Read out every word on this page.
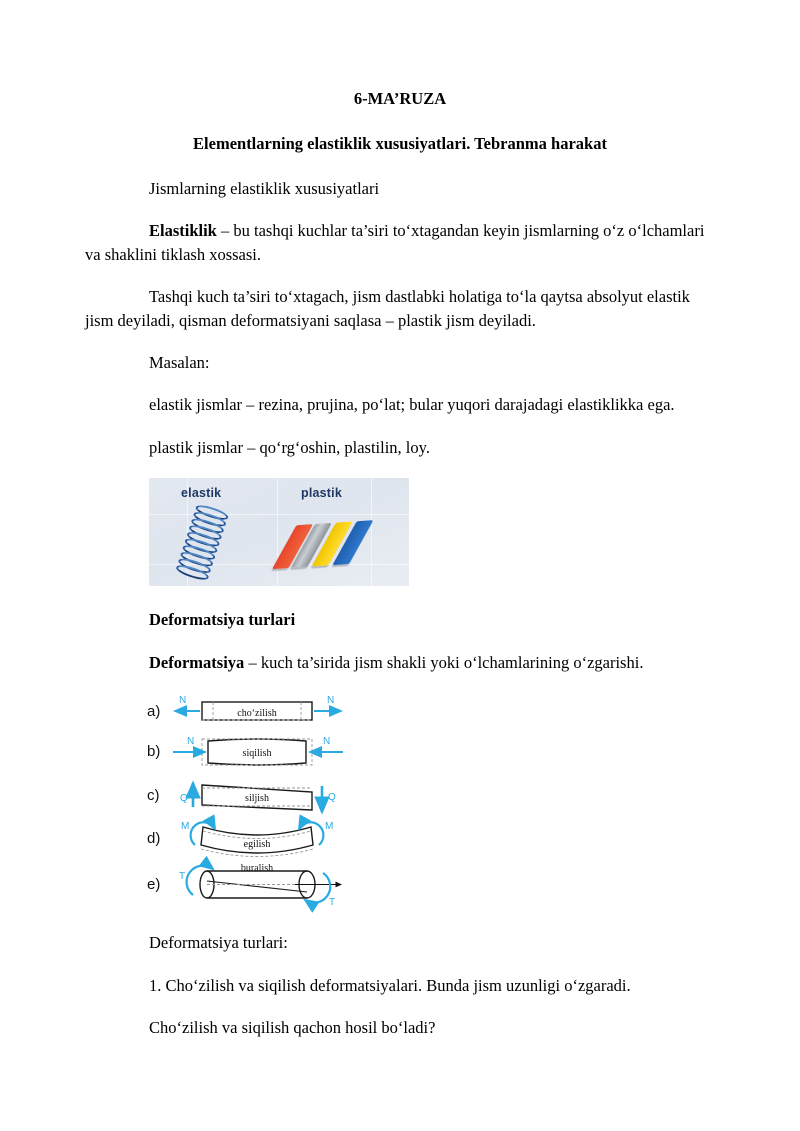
6-MA’RUZA
Elementlarning elastiklik xususiyatlari. Tebranma harakat

Jismlarning elastiklik xususiyatlari

Elastiklik – bu tashqi kuchlar ta’siri to‘xtagandan keyin jismlarning o‘z o‘lchamlari va shaklini tiklash xossasi.

Tashqi kuch ta’siri to‘xtagach, jism dastlabki holatiga to‘la qaytsa absolyut elastik jism deyiladi, qisman deformatsiyani saqlasa – plastik jism deyiladi.

Masalan:

elastik jismlar – rezina, prujina, po‘lat; bular yuqori darajadagi elastiklikka ega.

plastik jismlar – qo‘rg‘oshin, plastilin, loy.

elastik	plastik

Deformatsiya turlari

Deformatsiya – kuch ta’sirida jism shakli yoki o‘lchamlarining o‘zgarishi.

a)
b)
c)
d)
e)
N	N
cho‘zilish
N	N
siqilish
Q	Q
siljish
M	M
egilish
T
T
buralish

Deformatsiya turlari:

1. Cho‘zilish va siqilish deformatsiyalari. Bunda jism uzunligi o‘zgaradi.

Cho‘zilish va siqilish qachon hosil bo‘ladi?
